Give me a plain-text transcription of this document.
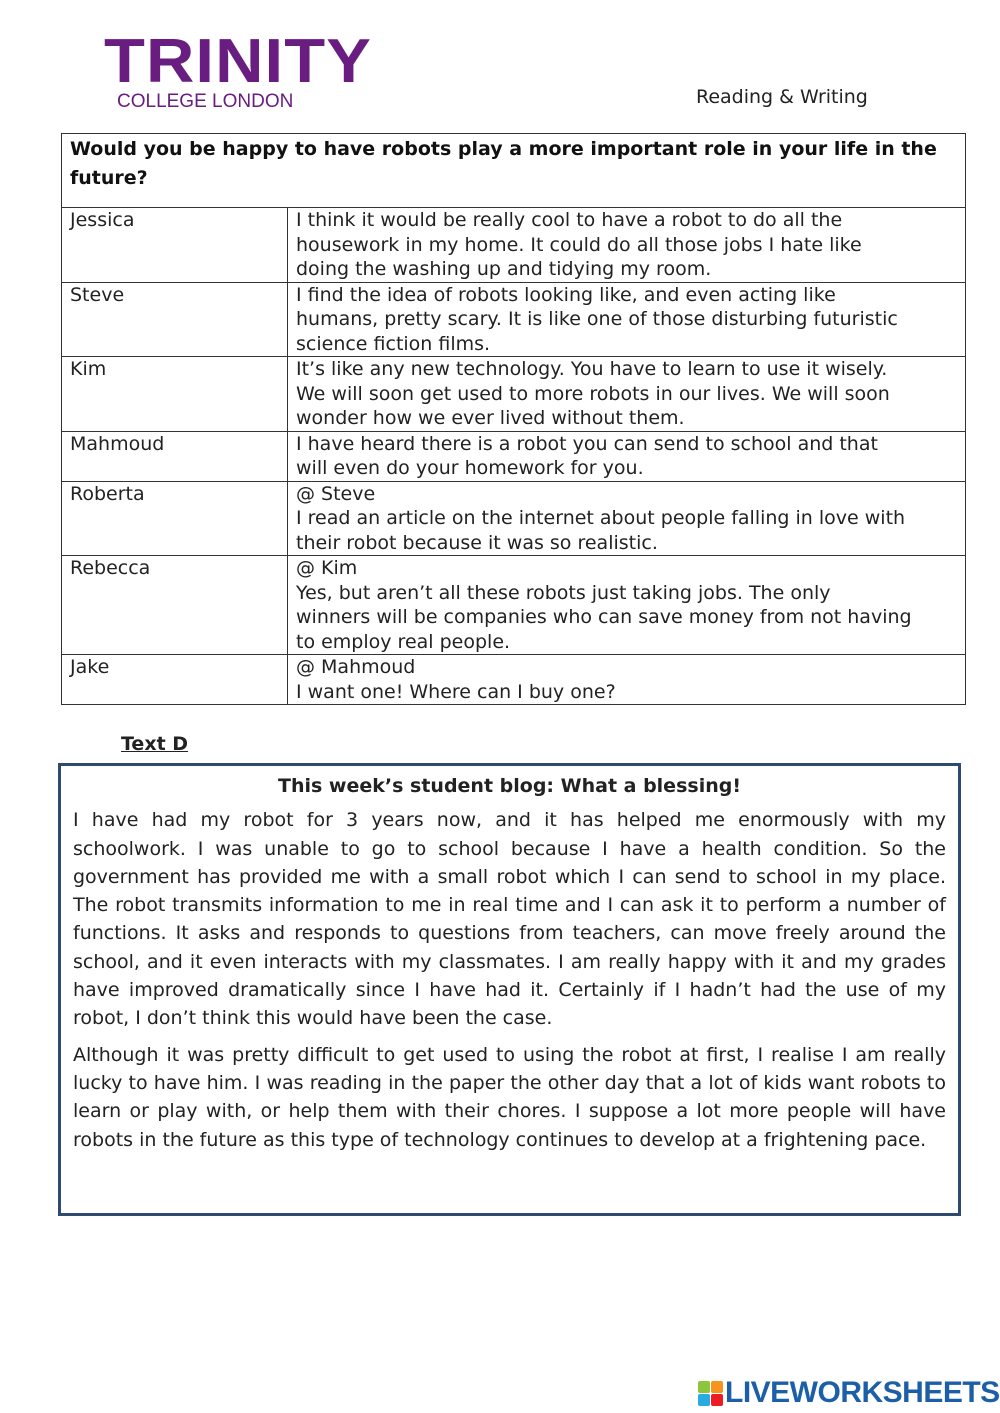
TRINITY
COLLEGE LONDON	Reading & Writing
Would you be happy to have robots play a more important role in your life in the future?	
Jessica	I think it would be really cool to have a robot to do all the
housework in my home. It could do all those jobs I hate like
doing the washing up and tidying my room.

Steve	I find the idea of robots looking like, and even acting like
humans, pretty scary. It is like one of those disturbing futuristic
science fiction films.

Kim	It’s like any new technology. You have to learn to use it wisely.
We will soon get used to more robots in our lives. We will soon
wonder how we ever lived without them.

Mahmoud	I have heard there is a robot you can send to school and that
will even do your homework for you.

Roberta	@ Steve
I read an article on the internet about people falling in love with
their robot because it was so realistic.

Rebecca	@ Kim
Yes, but aren’t all these robots just taking jobs. The only
winners will be companies who can save money from not having
to employ real people.

Jake	@ Mahmoud
I want one! Where can I buy one?
Text D
This week’s student blog: What a blessing!

I have had my robot for 3 years now, and it has helped me enormously with my schoolwork. I was unable to go to school because I have a health condition. So the government has provided me with a small robot which I can send to school in my place. The robot transmits information to me in real time and I can ask it to perform a number of functions. It asks and responds to questions from teachers, can move freely around the school, and it even interacts with my classmates. I am really happy with it and my grades have improved dramatically since I have had it. Certainly if I hadn’t had the use of my robot, I don’t think this would have been the case.

Although it was pretty difficult to get used to using the robot at first, I realise I am really lucky to have him. I was reading in the paper the other day that a lot of kids want robots to learn or play with, or help them with their chores. I suppose a lot more people will have robots in the future as this type of technology continues to develop at a frightening pace.

LIVEWORKSHEETS
